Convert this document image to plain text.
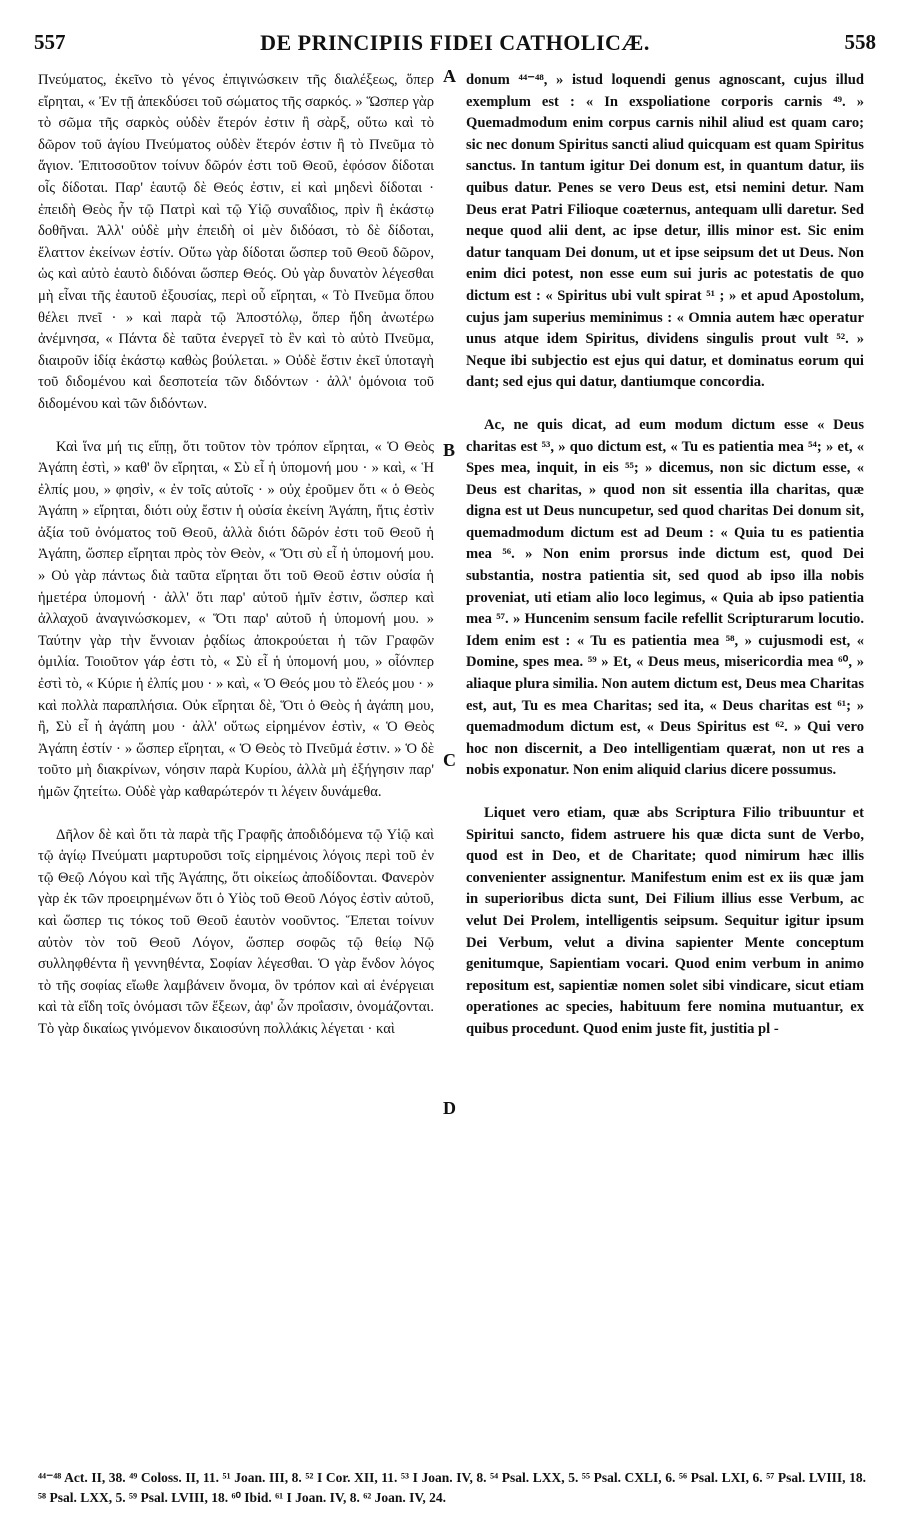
557	DE PRINCIPIIS FIDEI CATHOLICÆ.	558

Πνεύματος, ἐκεῖνο τὸ γένος ἐπιγινώσκειν τῆς διαλέξεως, ὅπερ εἴρηται, « Ἐν τῇ ἀπεκδύσει τοῦ σώματος τῆς σαρκός. » Ὥσπερ γὰρ τὸ σῶμα τῆς σαρκὸς οὐδὲν ἕτερόν ἐστιν ἢ σὰρξ, οὕτω καὶ τὸ δῶρον τοῦ ἁγίου Πνεύματος οὐδὲν ἕτερόν ἐστιν ἢ τὸ Πνεῦμα τὸ ἅγιον. Ἐπιτοσοῦτον τοίνυν δῶρόν ἐστι τοῦ Θεοῦ, ἐφόσον δίδοται οἷς δίδοται. Παρ' ἑαυτῷ δὲ Θεός ἐστιν, εἰ καὶ μηδενὶ δίδοται · ἐπειδὴ Θεὸς ἦν τῷ Πατρὶ καὶ τῷ Υἱῷ συναΐδιος, πρὶν ἢ ἑκάστῳ δοθῆναι. Ἀλλ' οὐδὲ μὴν ἐπειδὴ οἱ μὲν διδόασι, τὸ δὲ δίδοται, ἔλαττον ἐκείνων ἐστίν. Οὕτω γὰρ δίδοται ὥσπερ τοῦ Θεοῦ δῶρον, ὡς καὶ αὐτὸ ἑαυτὸ διδόναι ὥσπερ Θεός. Οὐ γὰρ δυνατὸν λέγεσθαι μὴ εἶναι τῆς ἑαυτοῦ ἐξουσίας, περὶ οὗ εἴρηται, « Τὸ Πνεῦμα ὅπου θέλει πνεῖ · » καὶ παρὰ τῷ Ἀποστόλῳ, ὅπερ ἤδη ἀνωτέρω ἀνέμνησα, « Πάντα δὲ ταῦτα ἐνεργεῖ τὸ ἓν καὶ τὸ αὐτὸ Πνεῦμα, διαιροῦν ἰδίᾳ ἑκάστῳ καθὼς βούλεται. » Οὐδὲ ἔστιν ἐκεῖ ὑποταγὴ τοῦ διδομένου καὶ δεσποτεία τῶν διδόντων · ἀλλ' ὁμόνοια τοῦ διδομένου καὶ τῶν διδόντων.

Καὶ ἵνα μή τις εἴπῃ, ὅτι τοῦτον τὸν τρόπον εἴρηται, « Ὁ Θεὸς Ἀγάπη ἐστὶ, » καθ' ὃν εἴρηται, « Σὺ εἶ ἡ ὑπομονή μου · » καὶ, « Ἡ ἐλπίς μου, » φησὶν, « ἐν τοῖς αὐτοῖς · » οὐχ ἐροῦμεν ὅτι « ὁ Θεὸς Ἀγάπη » εἴρηται, διότι οὐχ ἔστιν ἡ οὐσία ἐκείνη Ἀγάπη, ἥτις ἐστὶν ἀξία τοῦ ὀνόματος τοῦ Θεοῦ, ἀλλὰ διότι δῶρόν ἐστι τοῦ Θεοῦ ἡ Ἀγάπη, ὥσπερ εἴρηται πρὸς τὸν Θεὸν, « Ὅτι σὺ εἶ ἡ ὑπομονή μου. » Οὐ γὰρ πάντως διὰ ταῦτα εἴρηται ὅτι τοῦ Θεοῦ ἐστιν οὐσία ἡ ἡμετέρα ὑπομονή · ἀλλ' ὅτι παρ' αὐτοῦ ἡμῖν ἐστιν, ὥσπερ καὶ ἀλλαχοῦ ἀναγινώσκομεν, « Ὅτι παρ' αὐτοῦ ἡ ὑπομονή μου. » Ταύτην γὰρ τὴν ἔννοιαν ῥᾳδίως ἀποκρούεται ἡ τῶν Γραφῶν ὁμιλία. Τοιοῦτον γάρ ἐστι τὸ, « Σὺ εἶ ἡ ὑπομονή μου, » οἷόνπερ ἐστὶ τὸ, « Κύριε ἡ ἐλπίς μου · » καὶ, « Ὁ Θεός μου τὸ ἔλεός μου · » καὶ πολλὰ παραπλήσια. Οὐκ εἴρηται δὲ, Ὅτι ὁ Θεὸς ἡ ἀγάπη μου, ἢ, Σὺ εἶ ἡ ἀγάπη μου · ἀλλ' οὕτως εἰρημένον ἐστὶν, « Ὁ Θεὸς Ἀγάπη ἐστίν · » ὥσπερ εἴρηται, « Ὁ Θεὸς τὸ Πνεῦμά ἐστιν. » Ὁ δὲ τοῦτο μὴ διακρίνων, νόησιν παρὰ Κυρίου, ἀλλὰ μὴ ἐξήγησιν παρ' ἡμῶν ζητείτω. Οὐδὲ γὰρ καθαρώτερόν τι λέγειν δυνάμεθα.

Δῆλον δὲ καὶ ὅτι τὰ παρὰ τῆς Γραφῆς ἀποδιδόμενα τῷ Υἱῷ καὶ τῷ ἁγίῳ Πνεύματι μαρτυροῦσι τοῖς εἰρημένοις λόγοις περὶ τοῦ ἐν τῷ Θεῷ Λόγου καὶ τῆς Ἀγάπης, ὅτι οἰκείως ἀποδίδονται. Φανερὸν γὰρ ἐκ τῶν προειρημένων ὅτι ὁ Υἱὸς τοῦ Θεοῦ Λόγος ἐστὶν αὐτοῦ, καὶ ὥσπερ τις τόκος τοῦ Θεοῦ ἑαυτὸν νοοῦντος. Ἕπεται τοίνυν αὐτὸν τὸν τοῦ Θεοῦ Λόγον, ὥσπερ σοφῶς τῷ θείῳ Νῷ συλληφθέντα ἢ γεννηθέντα, Σοφίαν λέγεσθαι. Ὁ γὰρ ἔνδον λόγος τὸ τῆς σοφίας εἴωθε λαμβάνειν ὄνομα, ὃν τρόπον καὶ αἱ ἐνέργειαι καὶ τὰ εἴδη τοῖς ὀνόμασι τῶν ἕξεων, ἀφ' ὧν προΐασιν, ὀνομάζονται. Τὸ γὰρ δικαίως γινόμενον δικαιοσύνη πολλάκις λέγεται · καὶ

A
B
C
D

donum ⁴⁴⁻⁴⁸, » istud loquendi genus agnoscant, cujus illud exemplum est : « In exspoliatione corporis carnis ⁴⁹. » Quemadmodum enim corpus carnis nihil aliud est quam caro; sic nec donum Spiritus sancti aliud quicquam est quam Spiritus sanctus. In tantum igitur Dei donum est, in quantum datur, iis quibus datur. Penes se vero Deus est, etsi nemini detur. Nam Deus erat Patri Filioque coæternus, antequam ulli daretur. Sed neque quod alii dent, ac ipse detur, illis minor est. Sic enim datur tanquam Dei donum, ut et ipse seipsum det ut Deus. Non enim dici potest, non esse eum sui juris ac potestatis de quo dictum est : « Spiritus ubi vult spirat ⁵¹ ; » et apud Apostolum, cujus jam superius meminimus : « Omnia autem hæc operatur unus atque idem Spiritus, dividens singulis prout vult ⁵². » Neque ibi subjectio est ejus qui datur, et dominatus eorum qui dant; sed ejus qui datur, dantiumque concordia.

Ac, ne quis dicat, ad eum modum dictum esse « Deus charitas est ⁵³, » quo dictum est, « Tu es patientia mea ⁵⁴; » et, « Spes mea, inquit, in eis ⁵⁵; » dicemus, non sic dictum esse, « Deus est charitas, » quod non sit essentia illa charitas, quæ digna est ut Deus nuncupetur, sed quod charitas Dei donum sit, quemadmodum dictum est ad Deum : « Quia tu es patientia mea ⁵⁶. » Non enim prorsus inde dictum est, quod Dei substantia, nostra patientia sit, sed quod ab ipso illa nobis proveniat, uti etiam alio loco legimus, « Quia ab ipso patientia mea ⁵⁷. » Huncenim sensum facile refellit Scripturarum locutio. Idem enim est : « Tu es patientia mea ⁵⁸, » cujusmodi est, « Domine, spes mea. ⁵⁹ » Et, « Deus meus, misericordia mea ⁶⁰, » aliaque plura similia. Non autem dictum est, Deus mea Charitas est, aut, Tu es mea Charitas; sed ita, « Deus charitas est ⁶¹; » quemadmodum dictum est, « Deus Spiritus est ⁶². » Qui vero hoc non discernit, a Deo intelligentiam quærat, non ut res a nobis exponatur. Non enim aliquid clarius dicere possumus.

Liquet vero etiam, quæ abs Scriptura Filio tribuuntur et Spiritui sancto, fidem astruere his quæ dicta sunt de Verbo, quod est in Deo, et de Charitate; quod nimirum hæc illis convenienter assignentur. Manifestum enim est ex iis quæ jam in superioribus dicta sunt, Dei Filium illius esse Verbum, ac velut Dei Prolem, intelligentis seipsum. Sequitur igitur ipsum Dei Verbum, velut a divina sapienter Mente conceptum genitumque, Sapientiam vocari. Quod enim verbum in animo repositum est, sapientiæ nomen solet sibi vindicare, sicut etiam operationes ac species, habituum fere nomina mutuantur, ex quibus procedunt. Quod enim juste fit, justitia pl -

⁴⁴⁻⁴⁸ Act. II, 38. ⁴⁹ Coloss. II, 11. ⁵¹ Joan. III, 8. ⁵² I Cor. XII, 11. ⁵³ I Joan. IV, 8. ⁵⁴ Psal. LXX, 5. ⁵⁵ Psal. CXLI, 6. ⁵⁶ Psal. LXI, 6. ⁵⁷ Psal. LVIII, 18. ⁵⁸ Psal. LXX, 5. ⁵⁹ Psal. LVIII, 18. ⁶⁰ Ibid. ⁶¹ I Joan. IV, 8. ⁶² Joan. IV, 24.
